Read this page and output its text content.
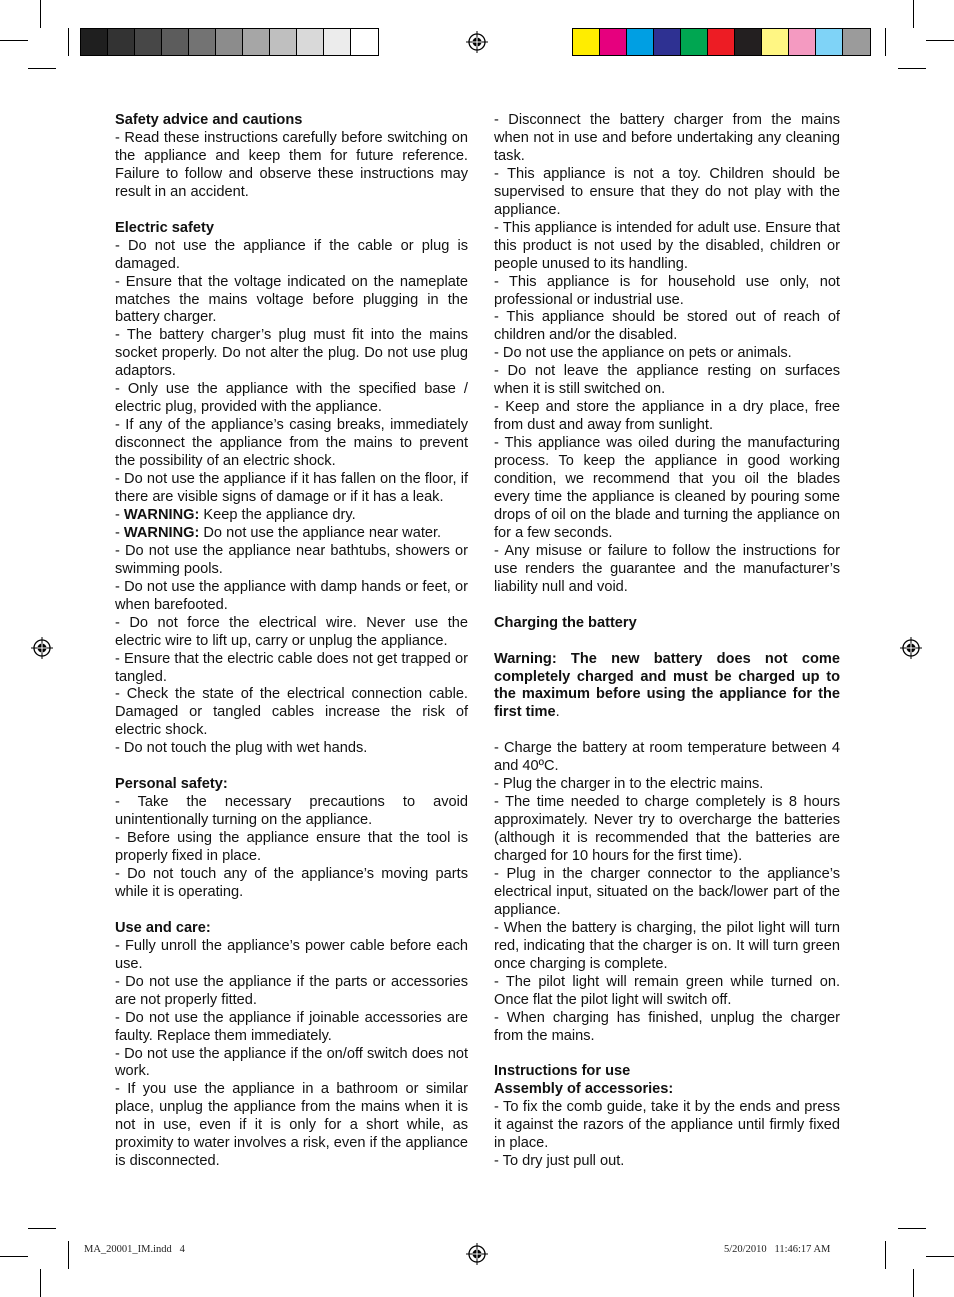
Safety advice and cautions

- Read these instructions carefully before switching on the appliance and keep them for future reference. Failure to follow and observe these instructions may result in an accident.

Electric safety

- Do not use the appliance if the cable or plug is damaged.

- Ensure that the voltage indicated on the nameplate matches the mains voltage before plugging in the battery charger.

- The battery charger’s plug must fit into the mains socket properly. Do not alter the plug. Do not use plug adaptors.

- Only use the appliance with the specified base / electric plug, provided with the appliance.

- If any of the appliance’s casing breaks, immediately disconnect the appliance from the mains to prevent the possibility of an electric shock.

- Do not use the appliance if it has fallen on the floor, if there are visible signs of damage or if it has a leak.

- WARNING: Keep the appliance dry.

- WARNING: Do not use the appliance near water.

- Do not use the appliance near bathtubs, showers or swimming pools.

- Do not use the appliance with damp hands or feet, or when barefooted.

- Do not force the electrical wire. Never use the electric wire to lift up, carry or unplug the appliance.

- Ensure that the electric cable does not get trapped or tangled.

- Check the state of the electrical connection cable. Damaged or tangled cables increase the risk of electric shock.

- Do not touch the plug with wet hands.

Personal safety:

- Take the necessary precautions to avoid unintentionally turning on the appliance.

- Before using the appliance ensure that the tool is properly fixed in place.

- Do not touch any of the appliance’s moving parts while it is operating.

Use and care:

- Fully unroll the appliance’s power cable before each use.

- Do not use the appliance if the parts or accessories are not properly fitted.

- Do not use the appliance if joinable accessories are faulty. Replace them immediately.

- Do not use the appliance if the on/off switch does not work.

- If you use the appliance in a bathroom or similar place, unplug the appliance from the mains when it is not in use, even if it is only for a short while, as proximity to water involves a risk, even if the appliance is disconnected.

- Disconnect the battery charger from the mains when not in use and before undertaking any cleaning task.

- This appliance is not a toy. Children should be supervised to ensure that they do not play with the appliance.

- This appliance is intended for adult use. Ensure that this product is not used by the disabled, children or people unused to its handling.

- This appliance is for household use only, not professional or industrial use.

- This appliance should be stored out of reach of children and/or the disabled.

- Do not use the appliance on pets or animals.

- Do not leave the appliance resting on surfaces when it is still switched on.

- Keep and store the appliance in a dry place, free from dust and away from sunlight.

- This appliance was oiled during the manufacturing process. To keep the appliance in good working condition, we recommend that you oil the blades every time the appliance is cleaned by pouring some drops of oil on the blade and turning the appliance on for a few seconds.

- Any misuse or failure to follow the instructions for use renders the guarantee and the manufacturer’s liability null and void.

Charging the battery

Warning: The new battery does not come completely charged and must be charged up to the maximum before using the appliance for the first time.

- Charge the battery at room temperature between 4 and 40ºC.

- Plug the charger in to the electric mains.

- The time needed to charge completely is 8 hours approximately. Never try to overcharge the batteries (although it is recommended that the batteries are charged for 10 hours for the first time).

- Plug in the charger connector to the appliance’s electrical input, situated on the back/lower part of the appliance.

- When the battery is charging, the pilot light will turn red, indicating that the charger is on. It will turn green once charging is complete.

- The pilot light will remain green while turned on. Once flat the pilot light will switch off.

- When charging has finished, unplug the charger from the mains.

Instructions for use

Assembly of accessories:

- To fix the comb guide, take it by the ends and press it against the razors of the appliance until firmly fixed in place.

- To dry just pull out.

MA_20001_IM.indd   4	5/20/2010   11:46:17 AM
